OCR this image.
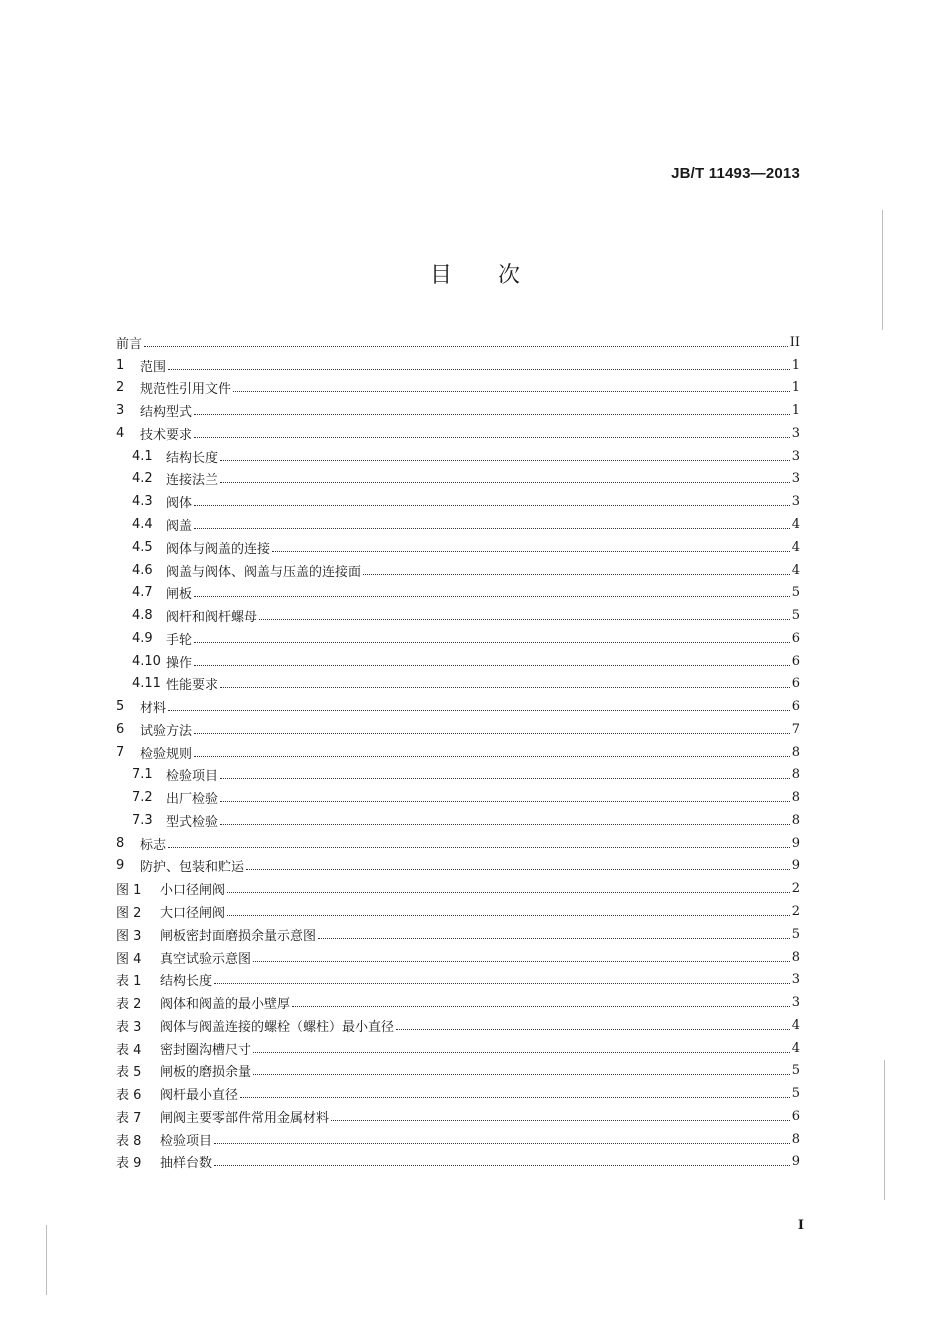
JB/T 11493—2013
目 次
前言	II
1	范围	1
2	规范性引用文件	1
3	结构型式	1
4	技术要求	3
4.1	结构长度	3
4.2	连接法兰	3
4.3	阀体	3
4.4	阀盖	4
4.5	阀体与阀盖的连接	4
4.6	阀盖与阀体、阀盖与压盖的连接面	4
4.7	闸板	5
4.8	阀杆和阀杆螺母	5
4.9	手轮	6
4.10 操作	6
4.11 性能要求	6
5	材料	6
6	试验方法	7
7	检验规则	8
7.1	检验项目	8
7.2	出厂检验	8
7.3	型式检验	8
8	标志	9
9	防护、包装和贮运	9
图 1	小口径闸阀	2
图 2	大口径闸阀	2
图 3	闸板密封面磨损余量示意图	5
图 4	真空试验示意图	8
表 1	结构长度	3
表 2	阀体和阀盖的最小壁厚	3
表 3	阀体与阀盖连接的螺栓（螺柱）最小直径	4
表 4	密封圈沟槽尺寸	4
表 5	闸板的磨损余量	5
表 6	阀杆最小直径	5
表 7	闸阀主要零部件常用金属材料	6
表 8	检验项目	8
表 9	抽样台数	9
I
